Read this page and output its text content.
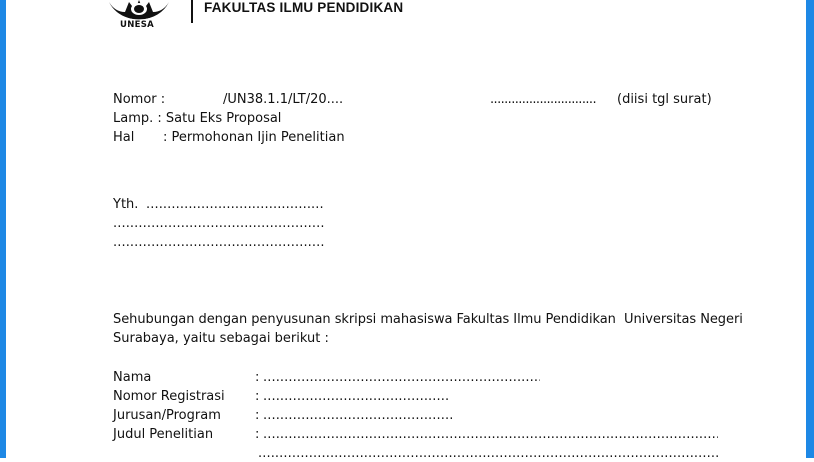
UNESA
FAKULTAS ILMU PENDIDIKAN
Nomor :	/UN38.1.1/LT/20....	.............................. (diisi tgl surat)
Lamp. : Satu Eks Proposal
Hal : Permohonan Ijin Penelitian
Yth.
.....
.....
.....
Sehubungan dengan penyusunan skripsi mahasiswa Fakultas Ilmu Pendidikan  Universitas Negeri
Surabaya, yaitu sebagai berikut :
Nama	:
.....
Nomor Registrasi :
.....
Jurusan/Program	:
.....
Judul Penelitian	:
.....
.....
